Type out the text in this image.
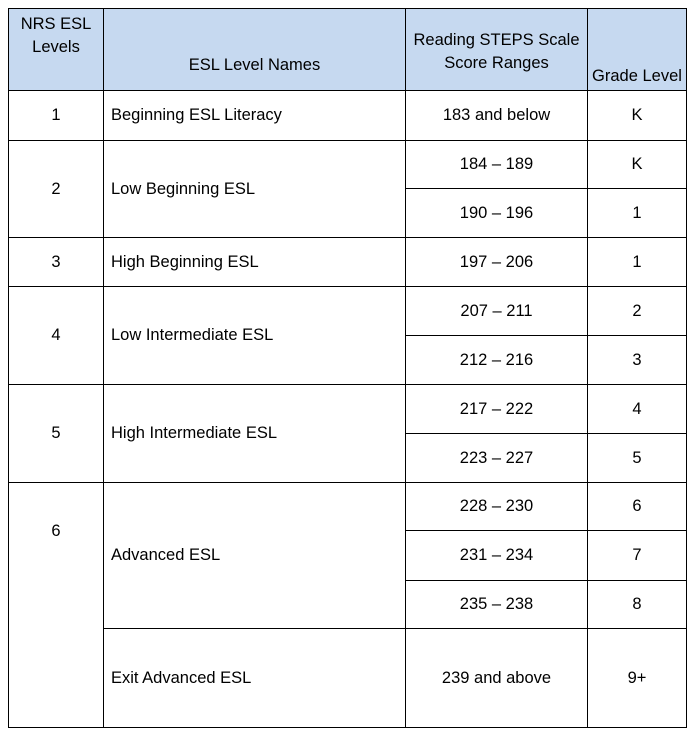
NRS ESL Levels	ESL Level Names	Reading STEPS Scale Score Ranges	Grade Level
1	Beginning ESL Literacy	183 and below	K
2	Low Beginning ESL	184 – 189	K
		190 – 196	1
3	High Beginning ESL	197 – 206	1
4	Low Intermediate ESL	207 – 211	2
		212 – 216	3
5	High Intermediate ESL	217 – 222	4
		223 – 227	5
6	Advanced ESL	228 – 230	6
		231 – 234	7
		235 – 238	8
	Exit Advanced ESL	239 and above	9+
